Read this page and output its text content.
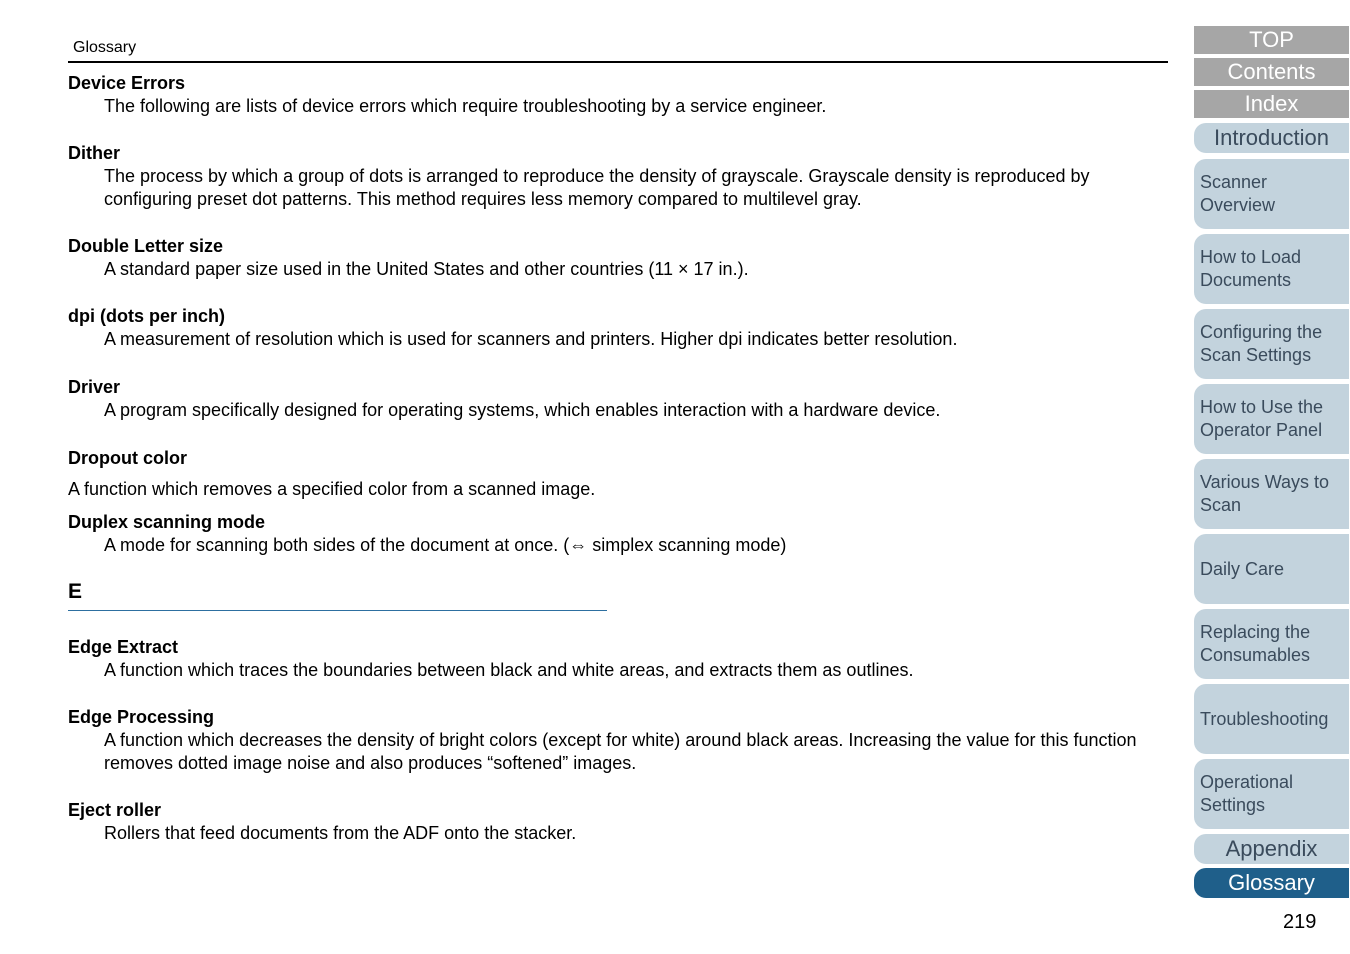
Glossary
Device Errors
The following are lists of device errors which require troubleshooting by a service engineer.
Dither
The process by which a group of dots is arranged to reproduce the density of grayscale. Grayscale density is reproduced by configuring preset dot patterns. This method requires less memory compared to multilevel gray.
Double Letter size
A standard paper size used in the United States and other countries (11 × 17 in.).
dpi (dots per inch)
A measurement of resolution which is used for scanners and printers. Higher dpi indicates better resolution.
Driver
A program specifically designed for operating systems, which enables interaction with a hardware device.
Dropout color
A function which removes a specified color from a scanned image.
Duplex scanning mode
A mode for scanning both sides of the document at once. (⇔ simplex scanning mode)
E
Edge Extract
A function which traces the boundaries between black and white areas, and extracts them as outlines.
Edge Processing
A function which decreases the density of bright colors (except for white) around black areas. Increasing the value for this function removes dotted image noise and also produces “softened” images.
Eject roller
Rollers that feed documents from the ADF onto the stacker.
TOP
Contents
Index
Introduction
Scanner
Overview
How to Load
Documents
Configuring the
Scan Settings
How to Use the
Operator Panel
Various Ways to
Scan
Daily Care
Replacing the
Consumables
Troubleshooting
Operational
Settings
Appendix
Glossary
219
